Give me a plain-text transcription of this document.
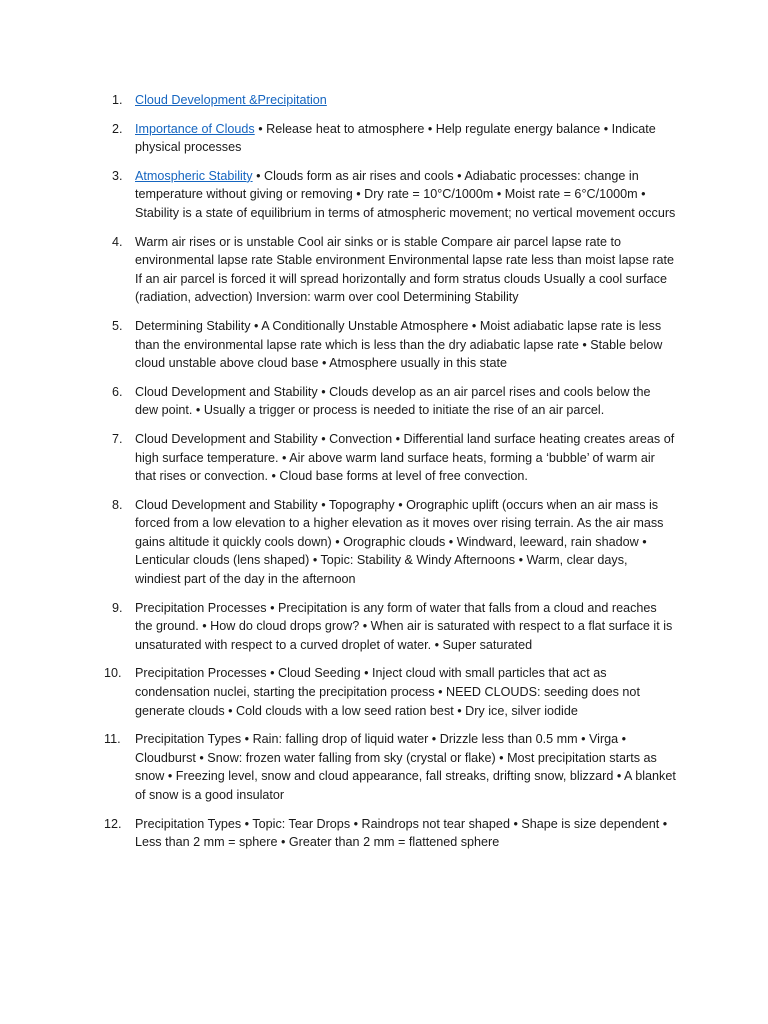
1. Cloud Development &Precipitation
2. Importance of Clouds • Release heat to atmosphere • Help regulate energy balance • Indicate physical processes
3. Atmospheric Stability • Clouds form as air rises and cools • Adiabatic processes: change in temperature without giving or removing • Dry rate = 10°C/1000m • Moist rate = 6°C/1000m • Stability is a state of equilibrium in terms of atmospheric movement; no vertical movement occurs
4. Warm air rises or is unstable Cool air sinks or is stable Compare air parcel lapse rate to environmental lapse rate Stable environment Environmental lapse rate less than moist lapse rate If an air parcel is forced it will spread horizontally and form stratus clouds Usually a cool surface (radiation, advection) Inversion: warm over cool Determining Stability
5. Determining Stability • A Conditionally Unstable Atmosphere • Moist adiabatic lapse rate is less than the environmental lapse rate which is less than the dry adiabatic lapse rate • Stable below cloud unstable above cloud base • Atmosphere usually in this state
6. Cloud Development and Stability • Clouds develop as an air parcel rises and cools below the dew point. • Usually a trigger or process is needed to initiate the rise of an air parcel.
7. Cloud Development and Stability • Convection • Differential land surface heating creates areas of high surface temperature. • Air above warm land surface heats, forming a ‘bubble’ of warm air that rises or convection. • Cloud base forms at level of free convection.
8. Cloud Development and Stability • Topography • Orographic uplift (occurs when an air mass is forced from a low elevation to a higher elevation as it moves over rising terrain. As the air mass gains altitude it quickly cools down) • Orographic clouds • Windward, leeward, rain shadow • Lenticular clouds (lens shaped) • Topic: Stability & Windy Afternoons • Warm, clear days, windiest part of the day in the afternoon
9. Precipitation Processes • Precipitation is any form of water that falls from a cloud and reaches the ground. • How do cloud drops grow? • When air is saturated with respect to a flat surface it is unsaturated with respect to a curved droplet of water. • Super saturated
10.	Precipitation Processes • Cloud Seeding • Inject cloud with small particles that act as condensation nuclei, starting the precipitation process • NEED CLOUDS: seeding does not generate clouds • Cold clouds with a low seed ration best • Dry ice, silver iodide
11.	Precipitation Types • Rain: falling drop of liquid water • Drizzle less than 0.5 mm • Virga • Cloudburst • Snow: frozen water falling from sky (crystal or flake) • Most precipitation starts as snow • Freezing level, snow and cloud appearance, fall streaks, drifting snow, blizzard • A blanket of snow is a good insulator
12.	Precipitation Types • Topic: Tear Drops • Raindrops not tear shaped • Shape is size dependent • Less than 2 mm = sphere • Greater than 2 mm = flattened sphere
